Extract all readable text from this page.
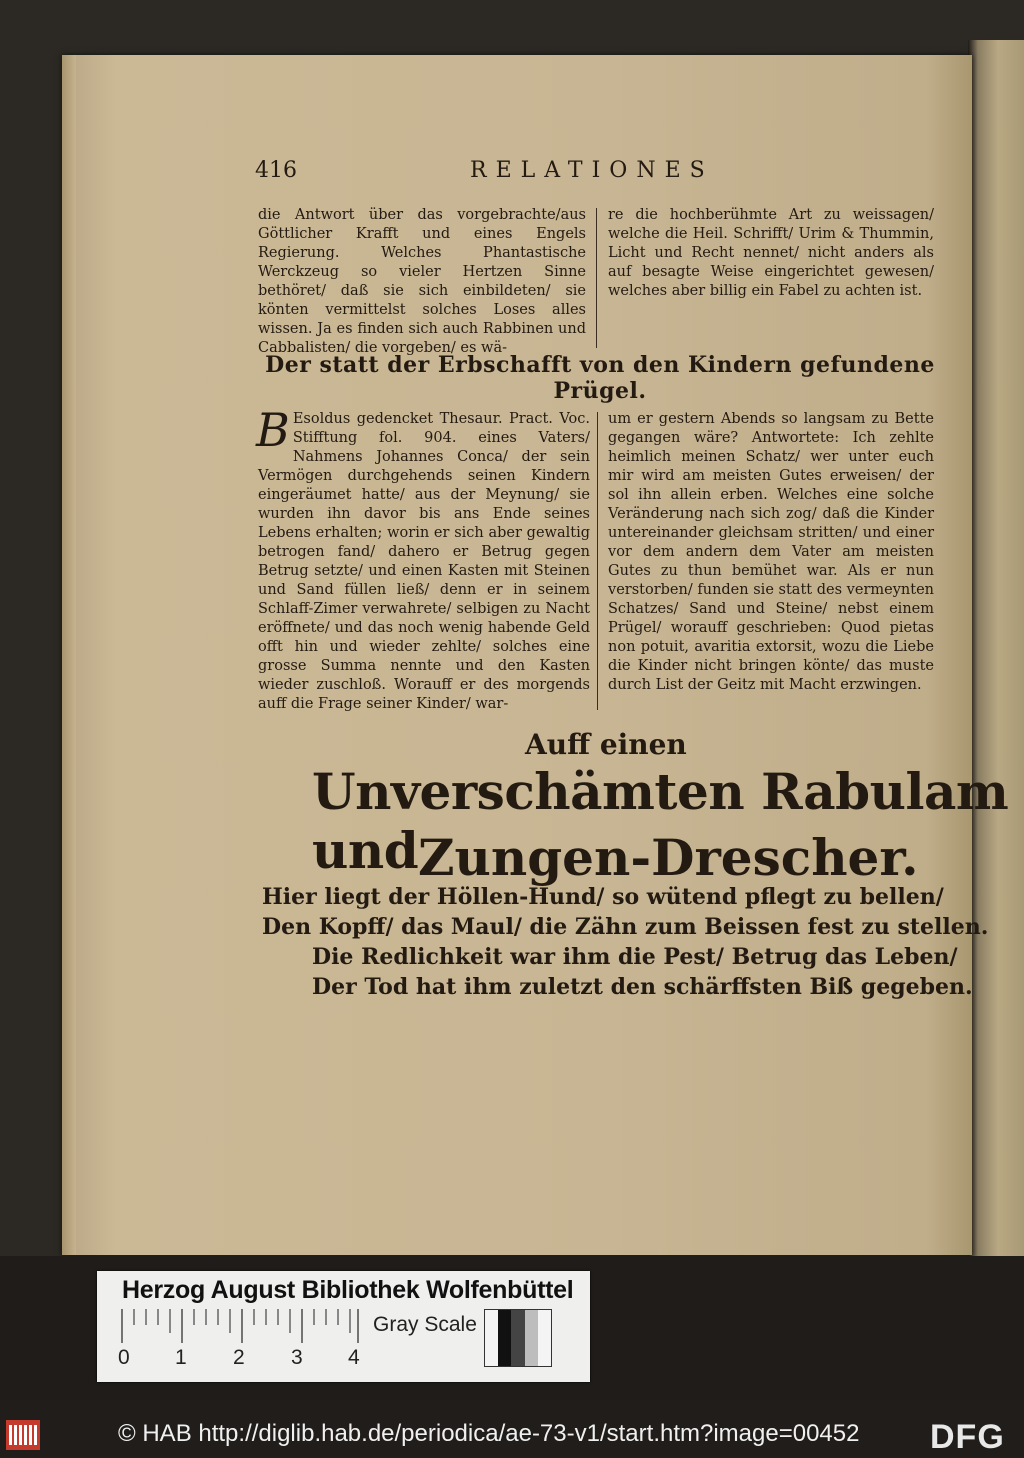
416	RELATIONES
die Antwort über das vorgebrachte/aus Göttlicher Krafft und eines Engels Regierung. Welches Phantastische Werckzeug so vieler Hertzen Sinne bethöret/ daß sie sich einbildeten/ sie könten vermittelst solches Loses alles wissen. Ja es finden sich auch Rabbinen und Cabbalisten/ die vorgeben/ es wä-
re die hochberühmte Art zu weissagen/ welche die Heil. Schrifft/ Urim & Thummin, Licht und Recht nennet/ nicht anders als auf besagte Weise eingerichtet gewesen/ welches aber billig ein Fabel zu achten ist.
Der statt der Erbschafft von den Kindern gefundene Prügel.
B Esoldus gedencket Thesaur. Pract. Voc. Stifftung fol. 904. eines Vaters/ Nahmens Johannes Conca/ der sein Vermögen durchgehends seinen Kindern eingeräumet hatte/ aus der Meynung/ sie wurden ihn davor bis ans Ende seines Lebens erhalten; worin er sich aber gewaltig betrogen fand/ dahero er Betrug gegen Betrug setzte/ und einen Kasten mit Steinen und Sand füllen ließ/ denn er in seinem Schlaff-Zimer verwahrete/ selbigen zu Nacht eröffnete/ und das noch wenig habende Geld offt hin und wieder zehlte/ solches eine grosse Summa nennte und den Kasten wieder zuschloß. Worauff er des morgends auff die Frage seiner Kinder/ war-
um er gestern Abends so langsam zu Bette gegangen wäre? Antwortete: Ich zehlte heimlich meinen Schatz/ wer unter euch mir wird am meisten Gutes erweisen/ der sol ihn allein erben. Welches eine solche Veränderung nach sich zog/ daß die Kinder untereinander gleichsam stritten/ und einer vor dem andern dem Vater am meisten Gutes zu thun bemühet war. Als er nun verstorben/ funden sie statt des vermeynten Schatzes/ Sand und Steine/ nebst einem Prügel/ worauff geschrieben: Quod pietas non potuit, avaritia extorsit, wozu die Liebe die Kinder nicht bringen könte/ das muste durch List der Geitz mit Macht erzwingen.
Auff einen
Unverschämten Rabulam und Zungen-Drescher.
Hier liegt der Höllen-Hund/ so wütend pflegt zu bellen/
Den Kopff/ das Maul/ die Zähn zum Beissen fest zu stellen.
Die Redlichkeit war ihm die Pest/ Betrug das Leben/
Der Tod hat ihm zuletzt den schärffsten Biß gegeben.
Herzog August Bibliothek Wolfenbüttel
Gray Scale
0 1 2 3 4
© HAB http://diglib.hab.de/periodica/ae-73-v1/start.htm?image=00452 DFG
